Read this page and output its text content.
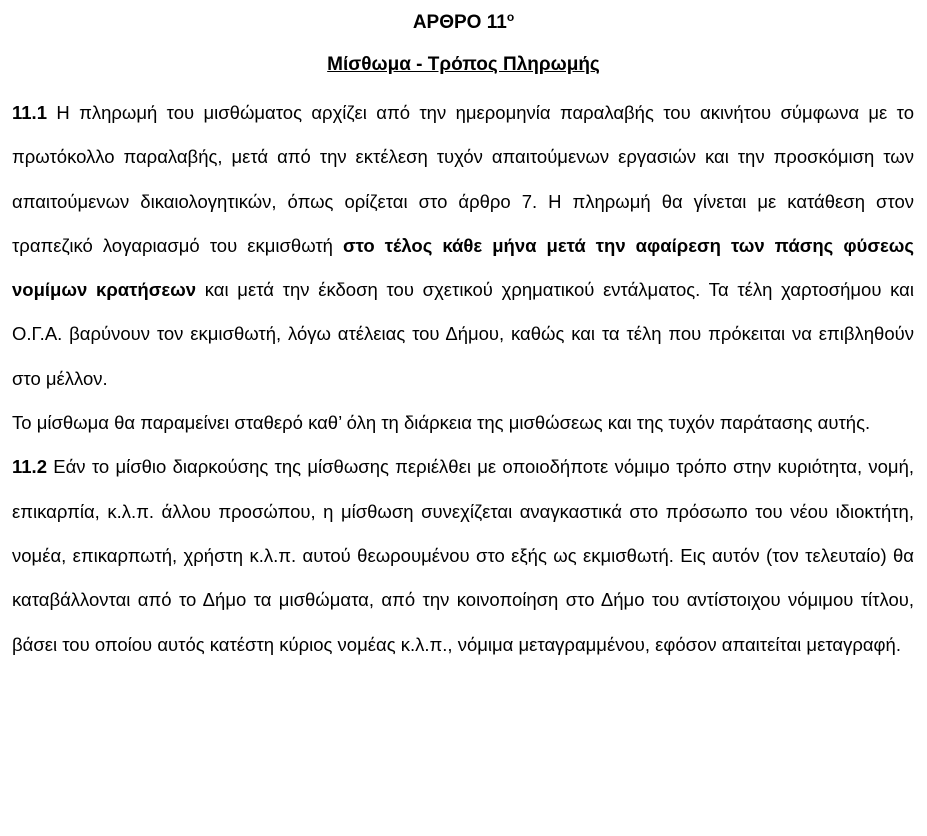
ΑΡΘΡΟ $11^o$
Μίσθωμα - Τρόπος Πληρωμής

11.1 Η πληρωμή του μισθώματος αρχίζει από την ημερομηνία παραλαβής του ακινήτου σύμφωνα με το πρωτόκολλο παραλαβής, μετά από την εκτέλεση τυχόν απαιτούμενων εργασιών και την προσκόμιση των απαιτούμενων δικαιολογητικών, όπως ορίζεται στο άρθρο 7. Η πληρωμή θα γίνεται με κατάθεση στον τραπεζικό λογαριασμό του εκμισθωτή στο τέλος κάθε μήνα μετά την αφαίρεση των πάσης φύσεως νομίμων κρατήσεων και μετά την έκδοση του σχετικού χρηματικού εντάλματος. Τα τέλη χαρτοσήμου και Ο.Γ.Α. βαρύνουν τον εκμισθωτή, λόγω ατέλειας του Δήμου, καθώς και τα τέλη που πρόκειται να επιβληθούν στο μέλλον.

Το μίσθωμα θα παραμείνει σταθερό καθ’ όλη τη διάρκεια της μισθώσεως και της τυχόν παράτασης αυτής.

11.2 Εάν το μίσθιο διαρκούσης της μίσθωσης περιέλθει με οποιοδήποτε νόμιμο τρόπο στην κυριότητα, νομή, επικαρπία, κ.λ.π. άλλου προσώπου, η μίσθωση συνεχίζεται αναγκαστικά στο πρόσωπο του νέου ιδιοκτήτη, νομέα, επικαρπωτή, χρήστη κ.λ.π. αυτού θεωρουμένου στο εξής ως εκμισθωτή. Εις αυτόν (τον τελευταίο) θα καταβάλλονται από το Δήμο τα μισθώματα, από την κοινοποίηση στο Δήμο του αντίστοιχου νόμιμου τίτλου, βάσει του οποίου αυτός κατέστη κύριος νομέας κ.λ.π., νόμιμα μεταγραμμένου, εφόσον απαιτείται μεταγραφή.
